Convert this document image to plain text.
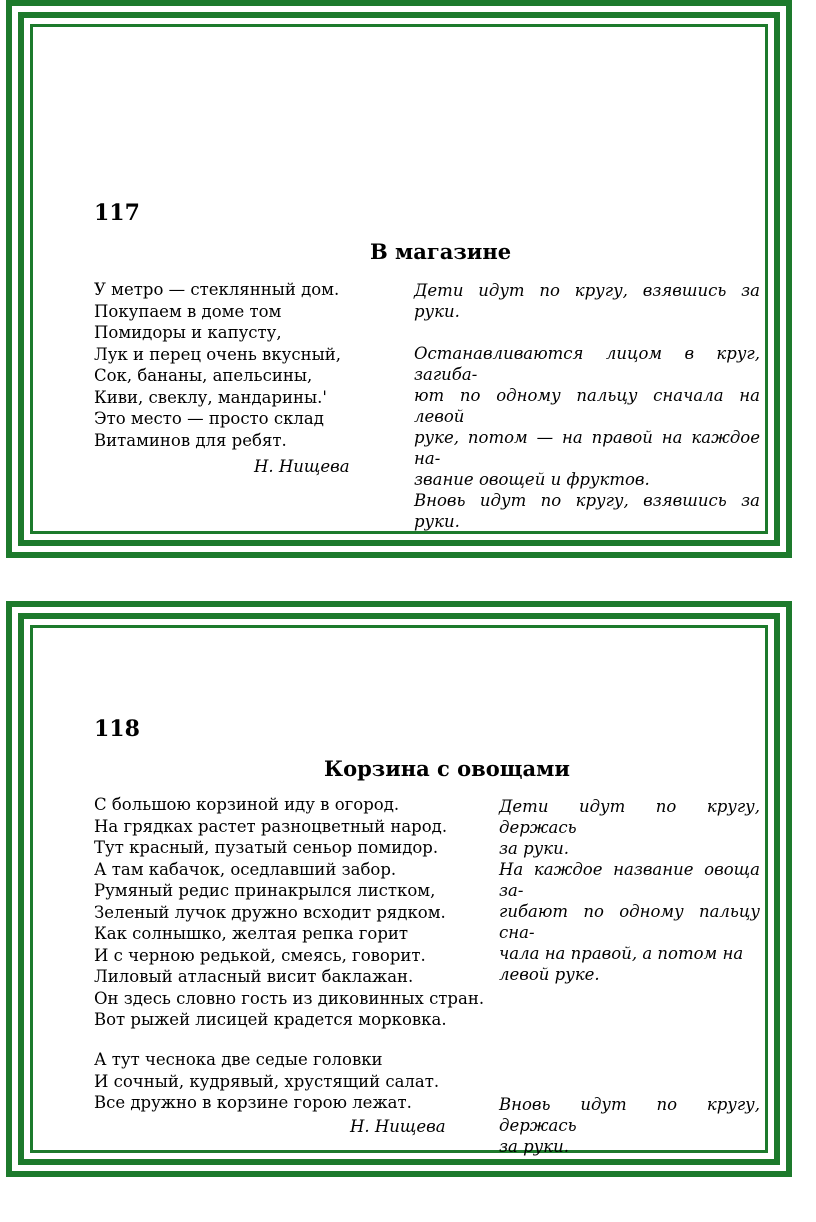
117
В магазине
У метро — стеклянный дом.
Покупаем в доме том
Помидоры и капусту,
Лук и перец очень вкусный,
Сок, бананы, апельсины,
Киви, свеклу, мандарины.'
Это место — просто склад
Витаминов для ребят.
Н. Нищева
Дети идут по кругу, взявшись за руки.
Останавливаются лицом в круг, загиба-
ют по одному пальцу сначала на левой
руке, потом — на правой на каждое на-
звание овощей и фруктов.
Вновь идут по кругу, взявшись за руки.
118
Корзина с овощами
С большою корзиной иду в огород.
На грядках растет разноцветный народ.
Тут красный, пузатый сеньор помидор.
А там кабачок, оседлавший забор.
Румяный редис принакрылся листком,
Зеленый лучок дружно всходит рядком.
Как солнышко, желтая репка горит
И с черною редькой, смеясь, говорит.
Лиловый атласный висит баклажан.
Он здесь словно гость из диковинных стран.
Вот рыжей лисицей крадется морковка.
А тут чеснока две седые головки
И сочный, кудрявый, хрустящий салат.
Все дружно в корзине горою лежат.
Н. Нищева
Дети идут по кругу, держась
за руки.
На каждое название овоща за-
гибают по одному пальцу сна-
чала на правой, а потом на
левой руке.
Вновь идут по кругу, держась
за руки.
